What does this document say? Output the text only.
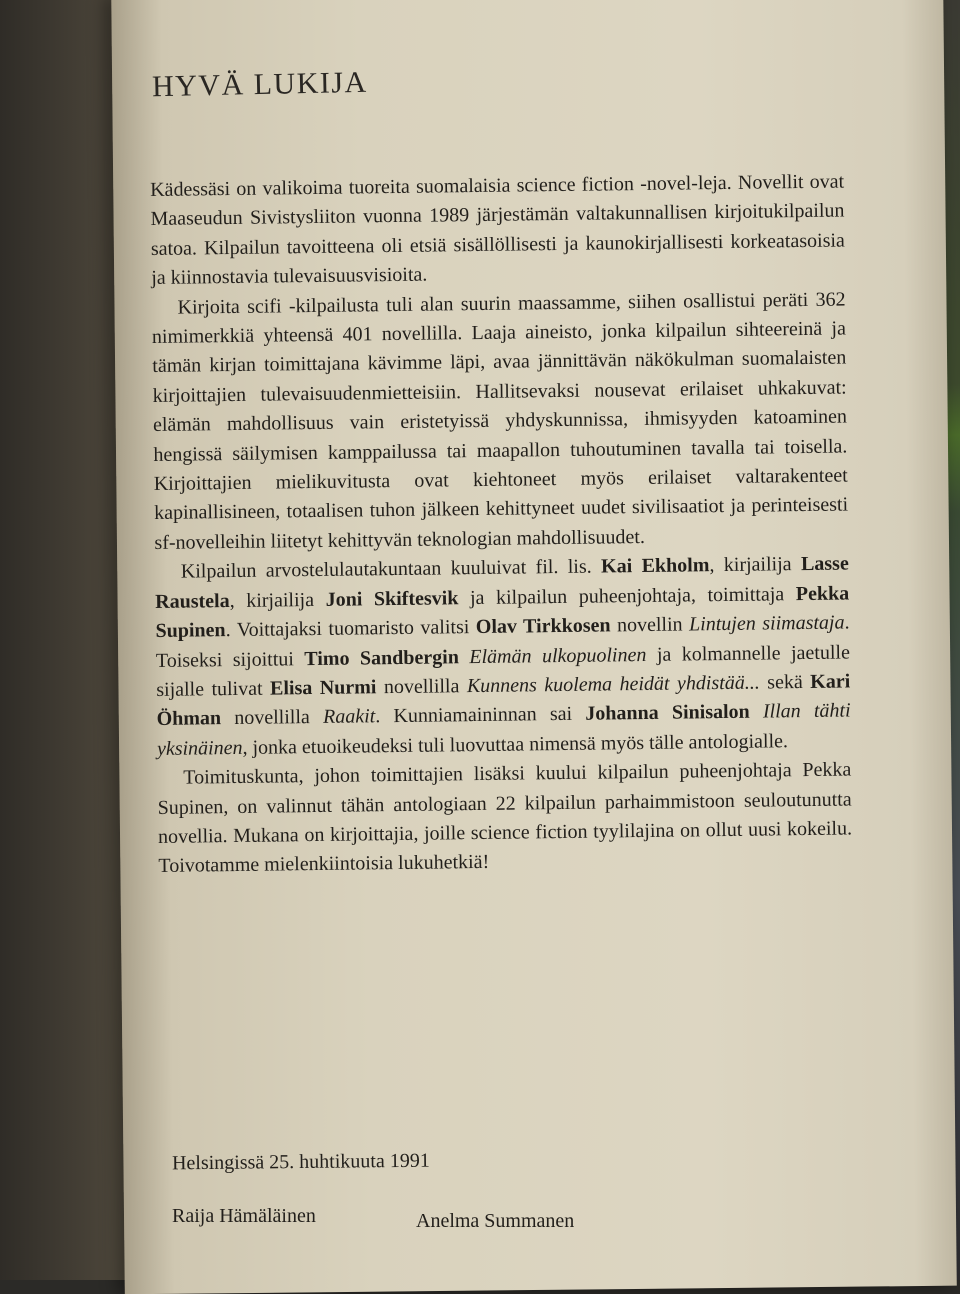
HYVÄ LUKIJA

Kädessäsi on valikoima tuoreita suomalaisia science fiction -novel-leja. Novellit ovat Maaseudun Sivistysliiton vuonna 1989 järjestämän valtakunnallisen kirjoitukilpailun satoa. Kilpailun tavoitteena oli etsiä sisällöllisesti ja kaunokirjallisesti korkeatasoisia ja kiinnostavia tulevaisuusvisioita.

Kirjoita scifi -kilpailusta tuli alan suurin maassamme, siihen osallistui peräti 362 nimimerkkiä yhteensä 401 novellilla. Laaja aineisto, jonka kilpailun sihteereinä ja tämän kirjan toimittajana kävimme läpi, avaa jännittävän näkökulman suomalaisten kirjoittajien tulevaisuudenmietteisiin. Hallitsevaksi nousevat erilaiset uhkakuvat: elämän mahdollisuus vain eristetyissä yhdyskunnissa, ihmisyyden katoaminen hengissä säilymisen kamppailussa tai maapallon tuhoutuminen tavalla tai toisella. Kirjoittajien mielikuvitusta ovat kiehtoneet myös erilaiset valtarakenteet kapinallisineen, totaalisen tuhon jälkeen kehittyneet uudet sivilisaatiot ja perinteisesti sf-novelleihin liitetyt kehittyvän teknologian mahdollisuudet.

Kilpailun arvostelulautakuntaan kuuluivat fil. lis. Kai Ekholm, kirjailija Lasse Raustela, kirjailija Joni Skiftesvik ja kilpailun puheenjohtaja, toimittaja Pekka Supinen. Voittajaksi tuomaristo valitsi Olav Tirkkosen novellin Lintujen siimastaja. Toiseksi sijoittui Timo Sandbergin Elämän ulkopuolinen ja kolmannelle jaetulle sijalle tulivat Elisa Nurmi novellilla Kunnens kuolema heidät yhdistää... sekä Kari Öhman novellilla Raakit. Kunniamaininnan sai Johanna Sinisalon Illan tähti yksinäinen, jonka etuoikeudeksi tuli luovuttaa nimensä myös tälle antologialle.

Toimituskunta, johon toimittajien lisäksi kuului kilpailun puheenjohtaja Pekka Supinen, on valinnut tähän antologiaan 22 kilpailun parhaimmistoon seuloutunutta novellia. Mukana on kirjoittajia, joille science fiction tyylilajina on ollut uusi kokeilu. Toivotamme mielenkiintoisia lukuhetkiä!

Helsingissä 25. huhtikuuta 1991
Raija Hämäläinen	Anelma Summanen
